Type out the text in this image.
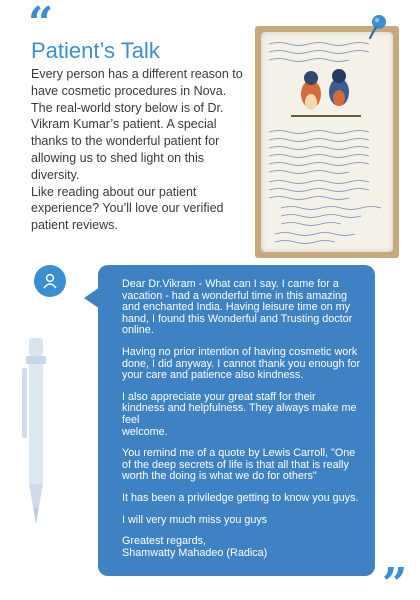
“
Patient’s Talk

Every person has a different reason to have cosmetic procedures in Nova. The real-world story below is of Dr. Vikram Kumar’s patient. A special thanks to the wonderful patient for allowing us to shed light on this diversity.

Like reading about our patient experience? You’ll love our verified patient reviews.

Dear Dr.Vikram - What can I say. I came for a vacation - had a wonderful time in this amazing and enchanted India. Having leisure time on my hand, I found this Wonderful and Trusting doctor online.

Having no prior intention of having cosmetic work done, I did anyway. I cannot thank you enough for your care and patience also kindness.

I also appreciate your great staff for their kindness and helpfulness. They always make me feel

welcome.

You remind me of a quote by Lewis Carroll, "One of the deep secrets of life is that all that is really worth the doing is what we do for others"

It has been a priviledge getting to know you guys.

I will very much miss you guys

Greatest regards,

Shamwatty Mahadeo (Radica)

”
